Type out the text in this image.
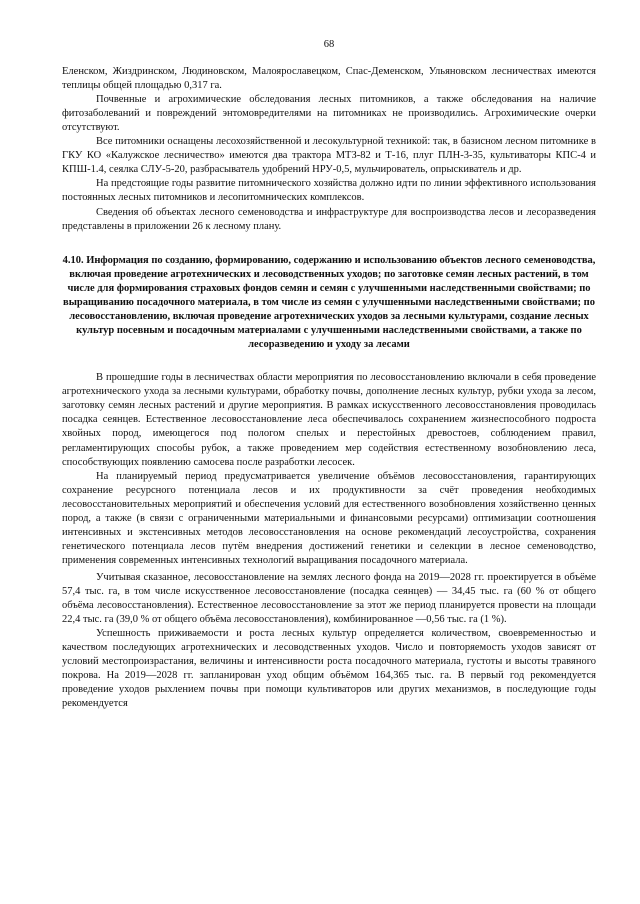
68

Еленском, Жиздринском, Людиновском, Малоярославецком, Спас-Деменском, Ульяновском лесничествах имеются теплицы общей площадью 0,317 га.

Почвенные и агрохимические обследования лесных питомников, а также обследования на наличие фитозаболеваний и повреждений энтомовредителями на питомниках не производились. Агрохимические очерки отсутствуют.

Все питомники оснащены лесохозяйственной и лесокультурной техникой: так, в базисном лесном питомнике в ГКУ КО «Калужское лесничество» имеются два трактора МТЗ-82 и Т-16, плуг ПЛН-3-35, культиваторы КПС-4 и КПШ-1.4, сеялка СЛУ-5-20, разбрасыватель удобрений НРУ-0,5, мульчирователь, опрыскиватель и др.

На предстоящие годы развитие питомнического хозяйства должно идти по линии эффективного использования постоянных лесных питомников и лесопитомнических комплексов.

Сведения об объектах лесного семеноводства и инфраструктуре для воспроизводства лесов и лесоразведения представлены в приложении 26 к лесному плану.

4.10. Информация по созданию, формированию, содержанию и использованию объектов лесного семеноводства, включая проведение агротехнических и лесоводственных уходов; по заготовке семян лесных растений, в том числе для формирования страховых фондов семян и семян с улучшенными наследственными свойствами; по выращиванию посадочного материала, в том числе из семян с улучшенными наследственными свойствами; по лесовосстановлению, включая проведение агротехнических уходов за лесными культурами, создание лесных культур посевным и посадочным материалами с улучшенными наследственными свойствами, а также по лесоразведению и уходу за лесами

В прошедшие годы в лесничествах области мероприятия по лесовосстановлению включали в себя проведение агротехнического ухода за лесными культурами, обработку почвы, дополнение лесных культур, рубки ухода за лесом, заготовку семян лесных растений и другие мероприятия. В рамках искусственного лесовосстановления проводилась посадка сеянцев. Естественное лесовосстановление леса обеспечивалось сохранением жизнеспособного подроста хвойных пород, имеющегося под пологом спелых и перестойных древостоев, соблюдением правил, регламентирующих способы рубок, а также проведением мер содействия естественному возобновлению леса, способствующих появлению самосева после разработки лесосек.

На планируемый период предусматривается увеличение объёмов лесовосстановления, гарантирующих сохранение ресурсного потенциала лесов и их продуктивности за счёт проведения необходимых лесовосстановительных мероприятий и обеспечения условий для естественного возобновления хозяйственно ценных пород, а также (в связи с ограниченными материальными и финансовыми ресурсами) оптимизации соотношения интенсивных и экстенсивных методов лесовосстановления на основе рекомендаций лесоустройства, сохранения генетического потенциала лесов путём внедрения достижений генетики и селекции в лесное семеноводство, применения современных интенсивных технологий выращивания посадочного материала.

Учитывая сказанное, лесовосстановление на землях лесного фонда на 2019—2028 гг. проектируется в объёме 57,4 тыс. га, в том числе искусственное лесовосстановление (посадка сеянцев) — 34,45 тыс. га (60 % от общего объёма лесовосстановления). Естественное лесовосстановление за этот же период планируется провести на площади 22,4 тыс. га (39,0 % от общего объёма лесовосстановления), комбинированное —0,56 тыс. га (1 %).

Успешность приживаемости и роста лесных культур определяется количеством, своевременностью и качеством последующих агротехнических и лесоводственных уходов. Число и повторяемость уходов зависят от условий местопроизрастания, величины и интенсивности роста посадочного материала, густоты и высоты травяного покрова. На 2019—2028 гг. запланирован уход общим объёмом 164,365 тыс. га. В первый год рекомендуется проведение уходов рыхлением почвы при помощи культиваторов или других механизмов, в последующие годы рекомендуется
